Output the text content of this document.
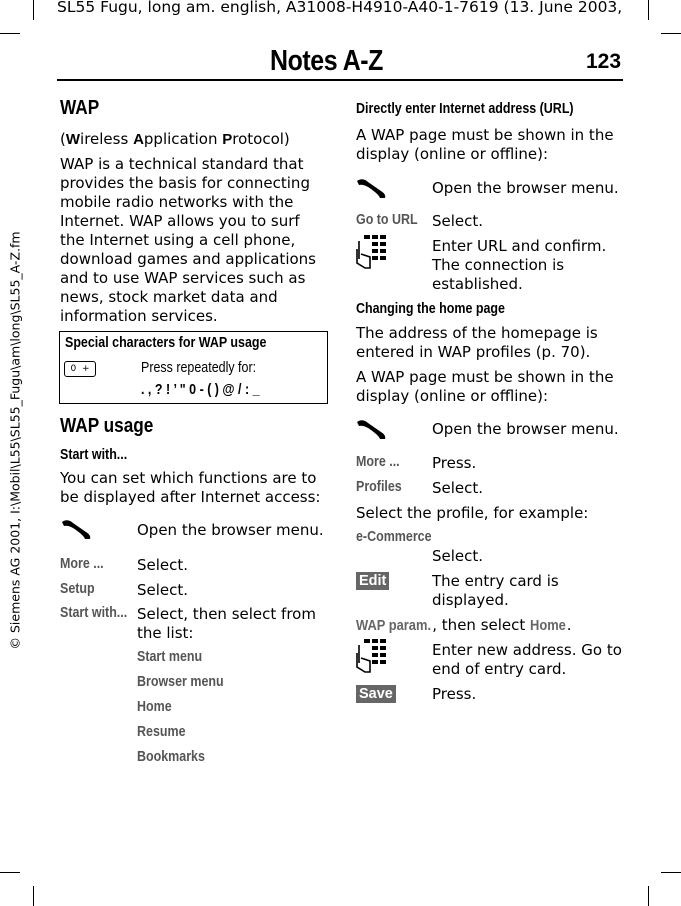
SL55 Fugu, long am. english, A31008-H4910-A40-1-7619 (13. June 2003,
© Siemens AG 2001, I:\Mobil\L55\SL55_Fugu\am\long\SL55_A-Z.fm
Notes A-Z	123
WAP
(Wireless Application Protocol)
WAP is a technical standard that provides the basis for connecting mobile radio networks with the Internet. WAP allows you to surf the Internet using a cell phone, download games and applications and to use WAP services such as news, stock market data and information services.
Special characters for WAP usage
0  +	Press repeatedly for:
. , ? ! ’ " 0 - ( ) @ / : _
WAP usage
Start with...
You can set which functions are to be displayed after Internet access:
Open the browser menu.
More ... Select.
Setup	Select.
Start with... Select, then select from the list:
Start menu
Browser menu
Home
Resume
Bookmarks
Directly enter Internet address (URL)
A WAP page must be shown in the display (online or offline):
Open the browser menu.
Go to URL Select.
Enter URL and confirm. The connection is established.
Changing the home page
The address of the homepage is entered in WAP profiles (p. 70).
A WAP page must be shown in the display (online or offline):
Open the browser menu.
More ... Press.
Profiles Select.
Select the profile, for example:
e-Commerce
Select.
Edit	The entry card is displayed.
WAP param., then select Home.
Enter new address. Go to end of entry card.
Save	Press.
